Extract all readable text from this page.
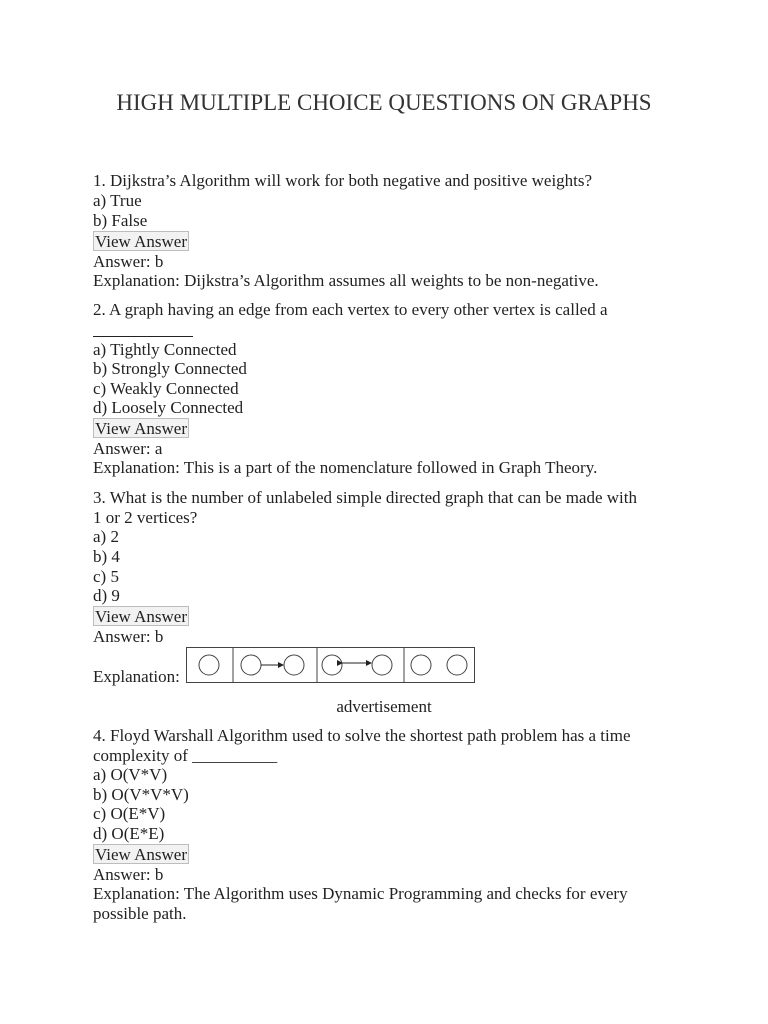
HIGH MULTIPLE CHOICE QUESTIONS ON GRAPHS
1. Dijkstra’s Algorithm will work for both negative and positive weights?
a) True
b) False
View Answer
Answer: b
Explanation: Dijkstra’s Algorithm assumes all weights to be non-negative.
2. A graph having an edge from each vertex to every other vertex is called a
a) Tightly Connected
b) Strongly Connected
c) Weakly Connected
d) Loosely Connected
View Answer
Answer: a
Explanation: This is a part of the nomenclature followed in Graph Theory.
3. What is the number of unlabeled simple directed graph that can be made with
1 or 2 vertices?
a) 2
b) 4
c) 5
d) 9
View Answer
Answer: b
Explanation:
advertisement
4. Floyd Warshall Algorithm used to solve the shortest path problem has a time
complexity of __________
a) O(V*V)
b) O(V*V*V)
c) O(E*V)
d) O(E*E)
View Answer
Answer: b
Explanation: The Algorithm uses Dynamic Programming and checks for every
possible path.
